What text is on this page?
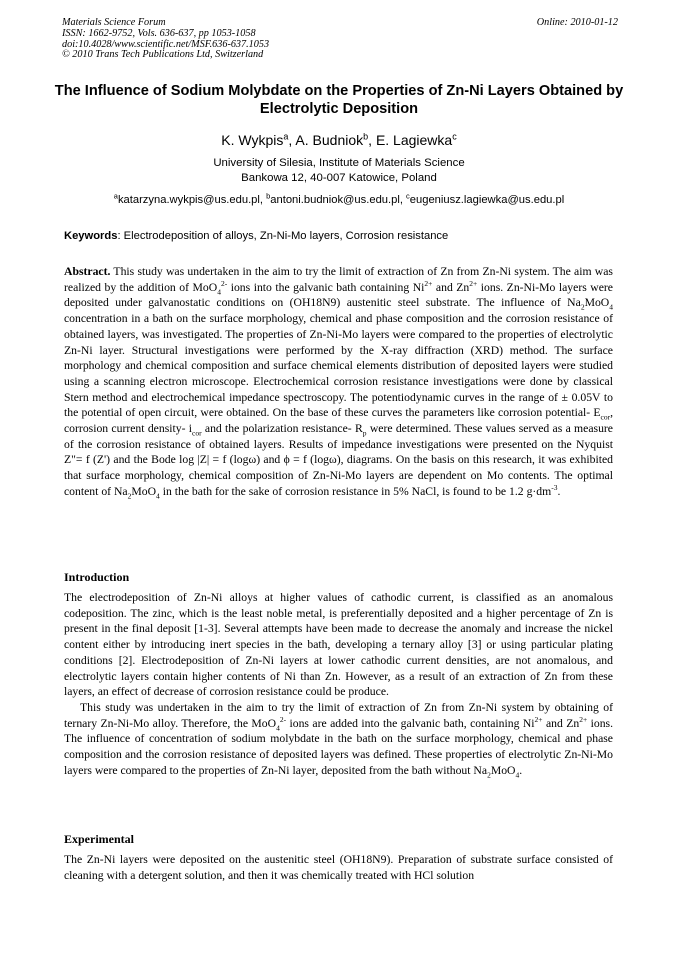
Materials Science Forum
ISSN: 1662-9752, Vols. 636-637, pp 1053-1058
doi:10.4028/www.scientific.net/MSF.636-637.1053
© 2010 Trans Tech Publications Ltd, Switzerland
Online: 2010-01-12
The Influence of Sodium Molybdate on the Properties of Zn-Ni Layers Obtained by Electrolytic Deposition
K. Wykpis$^a$, A. Budniok$^b$, E. Lagiewka$^c$
University of Silesia, Institute of Materials Science
Bankowa 12, 40-007 Katowice, Poland
$^a$katarzyna.wykpis@us.edu.pl, $^b$antoni.budniok@us.edu.pl, $^c$eugeniusz.lagiewka@us.edu.pl
Keywords: Electrodeposition of alloys, Zn-Ni-Mo layers, Corrosion resistance

Abstract. This study was undertaken in the aim to try the limit of extraction of Zn from Zn-Ni system. The aim was realized by the addition of MoO$_4^{2-}$ ions into the galvanic bath containing $Ni^{2+}$ and $Zn^{2+}$ ions. Zn-Ni-Mo layers were deposited under galvanostatic conditions on (OH18N9) austenitic steel substrate. The influence of $Na_2MoO_4$ concentration in a bath on the surface morphology, chemical and phase composition and the corrosion resistance of obtained layers, was investigated. The properties of Zn-Ni-Mo layers were compared to the properties of electrolytic Zn-Ni layer. Structural investigations were performed by the X-ray diffraction (XRD) method. The surface morphology and chemical composition and surface chemical elements distribution of deposited layers were studied using a scanning electron microscope. Electrochemical corrosion resistance investigations were done by classical Stern method and electrochemical impedance spectroscopy. The potentiodynamic curves in the range of ± 0.05V to the potential of open circuit, were obtained. On the base of these curves the parameters like corrosion potential- $E_{cor}$, corrosion current density- $i_{cor}$ and the polarization resistance- $R_p$ were determined. These values served as a measure of the corrosion resistance of obtained layers. Results of impedance investigations were presented on the Nyquist Z"= f (Z') and the Bode log |Z| = f (logω) and ϕ = f (logω), diagrams. On the basis on this research, it was exhibited that surface morphology, chemical composition of Zn-Ni-Mo layers are dependent on Mo contents. The optimal content of $Na_2MoO_4$ in the bath for the sake of corrosion resistance in 5% NaCl, is found to be 1.2 $g\cdot dm^{-3}$.

Introduction

The electrodeposition of Zn-Ni alloys at higher values of cathodic current, is classified as an anomalous codeposition. The zinc, which is the least noble metal, is preferentially deposited and a higher percentage of Zn is present in the final deposit [1-3]. Several attempts have been made to decrease the anomaly and increase the nickel content either by introducing inert species in the bath, developing a ternary alloy [3] or using particular plating conditions [2]. Electrodeposition of Zn-Ni layers at lower cathodic current densities, are not anomalous, and electrolytic layers contain higher contents of Ni than Zn. However, as a result of an extraction of Zn from these layers, an effect of decrease of corrosion resistance could be produce.

This study was undertaken in the aim to try the limit of extraction of Zn from Zn-Ni system by obtaining of ternary Zn-Ni-Mo alloy. Therefore, the MoO$_4^{2-}$ ions are added into the galvanic bath, containing $Ni^{2+}$ and $Zn^{2+}$ ions. The influence of concentration of sodium molybdate in the bath on the surface morphology, chemical and phase composition and the corrosion resistance of deposited layers was defined. These properties of electrolytic Zn-Ni-Mo layers were compared to the properties of Zn-Ni layer, deposited from the bath without $Na_2MoO_4$.

Experimental

The Zn-Ni layers were deposited on the austenitic steel (OH18N9). Preparation of substrate surface consisted of cleaning with a detergent solution, and then it was chemically treated with HCl solution
